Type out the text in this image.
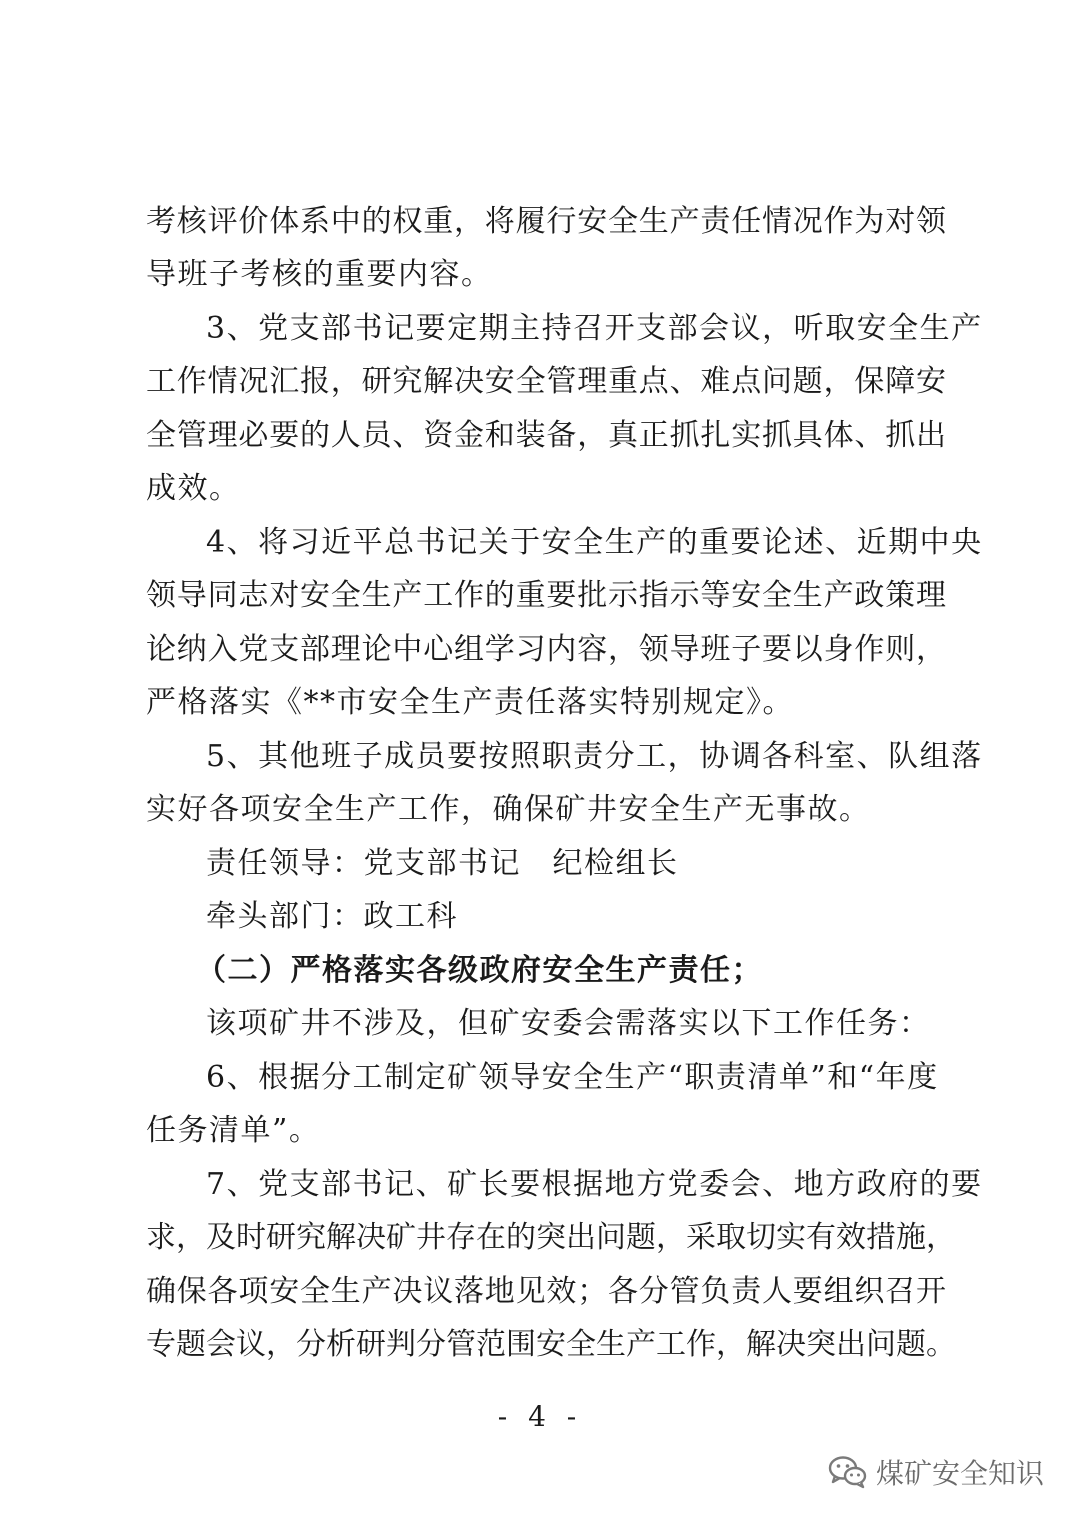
考核评价体系中的权重，将履行安全生产责任情况作为对领
导班子考核的重要内容。
3、党支部书记要定期主持召开支部会议，听取安全生产
工作情况汇报，研究解决安全管理重点、难点问题，保障安
全管理必要的人员、资金和装备，真正抓扎实抓具体、抓出
成效。
4、将习近平总书记关于安全生产的重要论述、近期中央
领导同志对安全生产工作的重要批示指示等安全生产政策理
论纳入党支部理论中心组学习内容，领导班子要以身作则，
严格落实《**市安全生产责任落实特别规定》。
5、其他班子成员要按照职责分工，协调各科室、队组落
实好各项安全生产工作，确保矿井安全生产无事故。
责任领导：党支部书记　纪检组长
牵头部门：政工科
（二）严格落实各级政府安全生产责任；
该项矿井不涉及，但矿安委会需落实以下工作任务：
6、根据分工制定矿领导安全生产“职责清单”和“年度
任务清单”。
7、党支部书记、矿长要根据地方党委会、地方政府的要
求，及时研究解决矿井存在的突出问题，采取切实有效措施，
确保各项安全生产决议落地见效；各分管负责人要组织召开
专题会议，分析研判分管范围安全生产工作，解决突出问题。
- 4 -
煤矿安全知识
